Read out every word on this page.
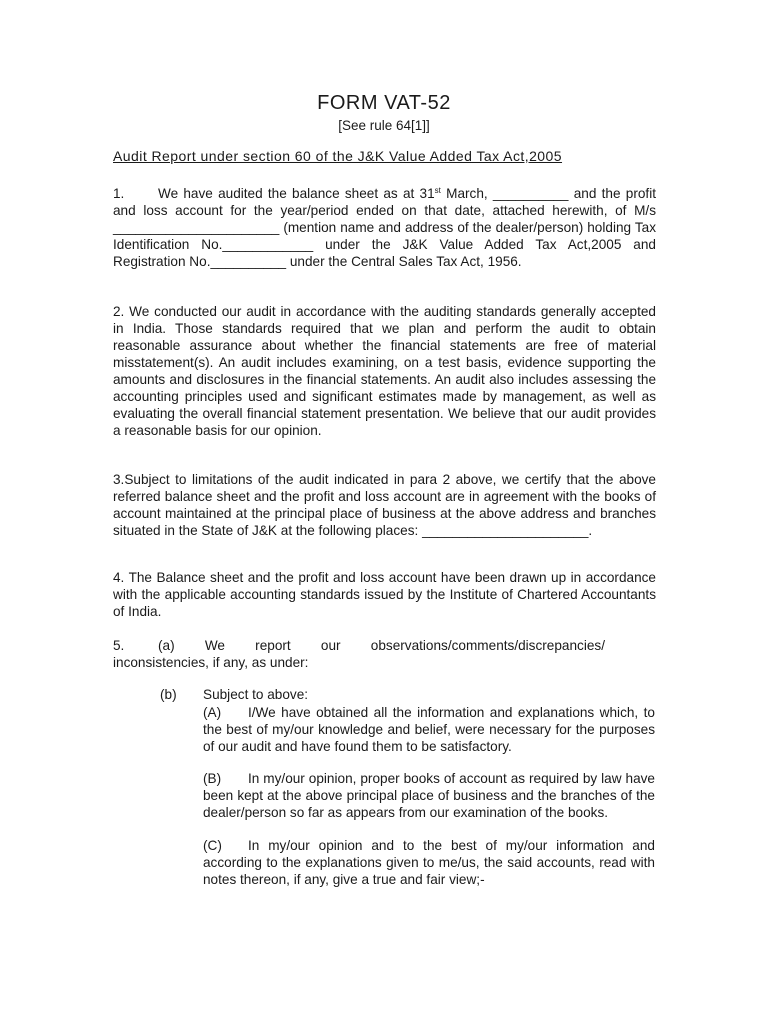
FORM VAT-52
[See rule 64[1]]
Audit Report under section 60 of the J&K Value Added Tax Act,2005

1. We have audited the balance sheet as at 31st March, __________ and the profit and loss account for the year/period ended on that date, attached herewith, of M/s ______________________ (mention name and address of the dealer/person) holding Tax Identification No.____________ under the J&K Value Added Tax Act,2005 and Registration No.__________ under the Central Sales Tax Act, 1956.

2. We conducted our audit in accordance with the auditing standards generally accepted in India. Those standards required that we plan and perform the audit to obtain reasonable assurance about whether the financial statements are free of material misstatement(s). An audit includes examining, on a test basis, evidence supporting the amounts and disclosures in the financial statements. An audit also includes assessing the accounting principles used and significant estimates made by management, as well as evaluating the overall financial statement presentation. We believe that our audit provides a reasonable basis for our opinion.

3.Subject to limitations of the audit indicated in para 2 above, we certify that the above referred balance sheet and the profit and loss account are in agreement with the books of account maintained at the principal place of business at the above address and branches situated in the State of J&K at the following places: ______________________.

4. The Balance sheet and the profit and loss account have been drawn up in accordance with the applicable accounting standards issued by the Institute of Chartered Accountants of India.

5. (a)        We        report        our        observations/comments/discrepancies/
inconsistencies, if any, as under:
(b) Subject to above:

(A) I/We have obtained all the information and explanations which, to the best of my/our knowledge and belief, were necessary for the purposes of our audit and have found them to be satisfactory.

(B) In my/our opinion, proper books of account as required by law have been kept at the above principal place of business and the branches of the dealer/person so far as appears from our examination of the books.

(C) In my/our opinion and to the best of my/our information and according to the explanations given to me/us, the said accounts, read with notes thereon, if any, give a true and fair view;-
